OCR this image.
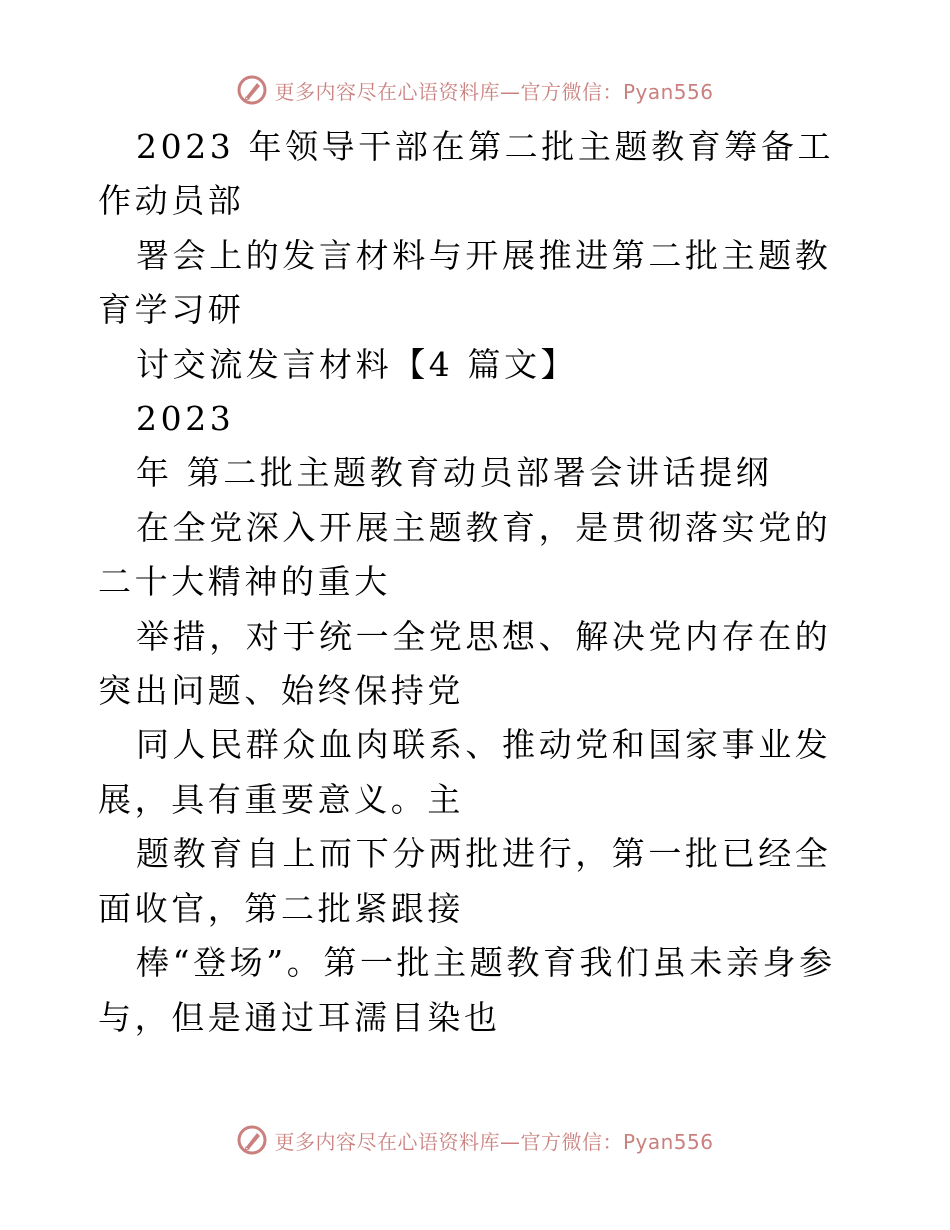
更多内容尽在心语资料库—官方微信：Pyan556

2023 年领导干部在第二批主题教育筹备工作动员部

署会上的发言材料与开展推进第二批主题教育学习研

讨交流发言材料【4 篇文】

2023

年 第二批主题教育动员部署会讲话提纲

在全党深入开展主题教育，是贯彻落实党的二十大精神的重大

举措，对于统一全党思想、解决党内存在的突出问题、始终保持党

同人民群众血肉联系、推动党和国家事业发展，具有重要意义。主

题教育自上而下分两批进行，第一批已经全面收官，第二批紧跟接

棒“登场”。第一批主题教育我们虽未亲身参与，但是通过耳濡目染也

更多内容尽在心语资料库—官方微信：Pyan556
